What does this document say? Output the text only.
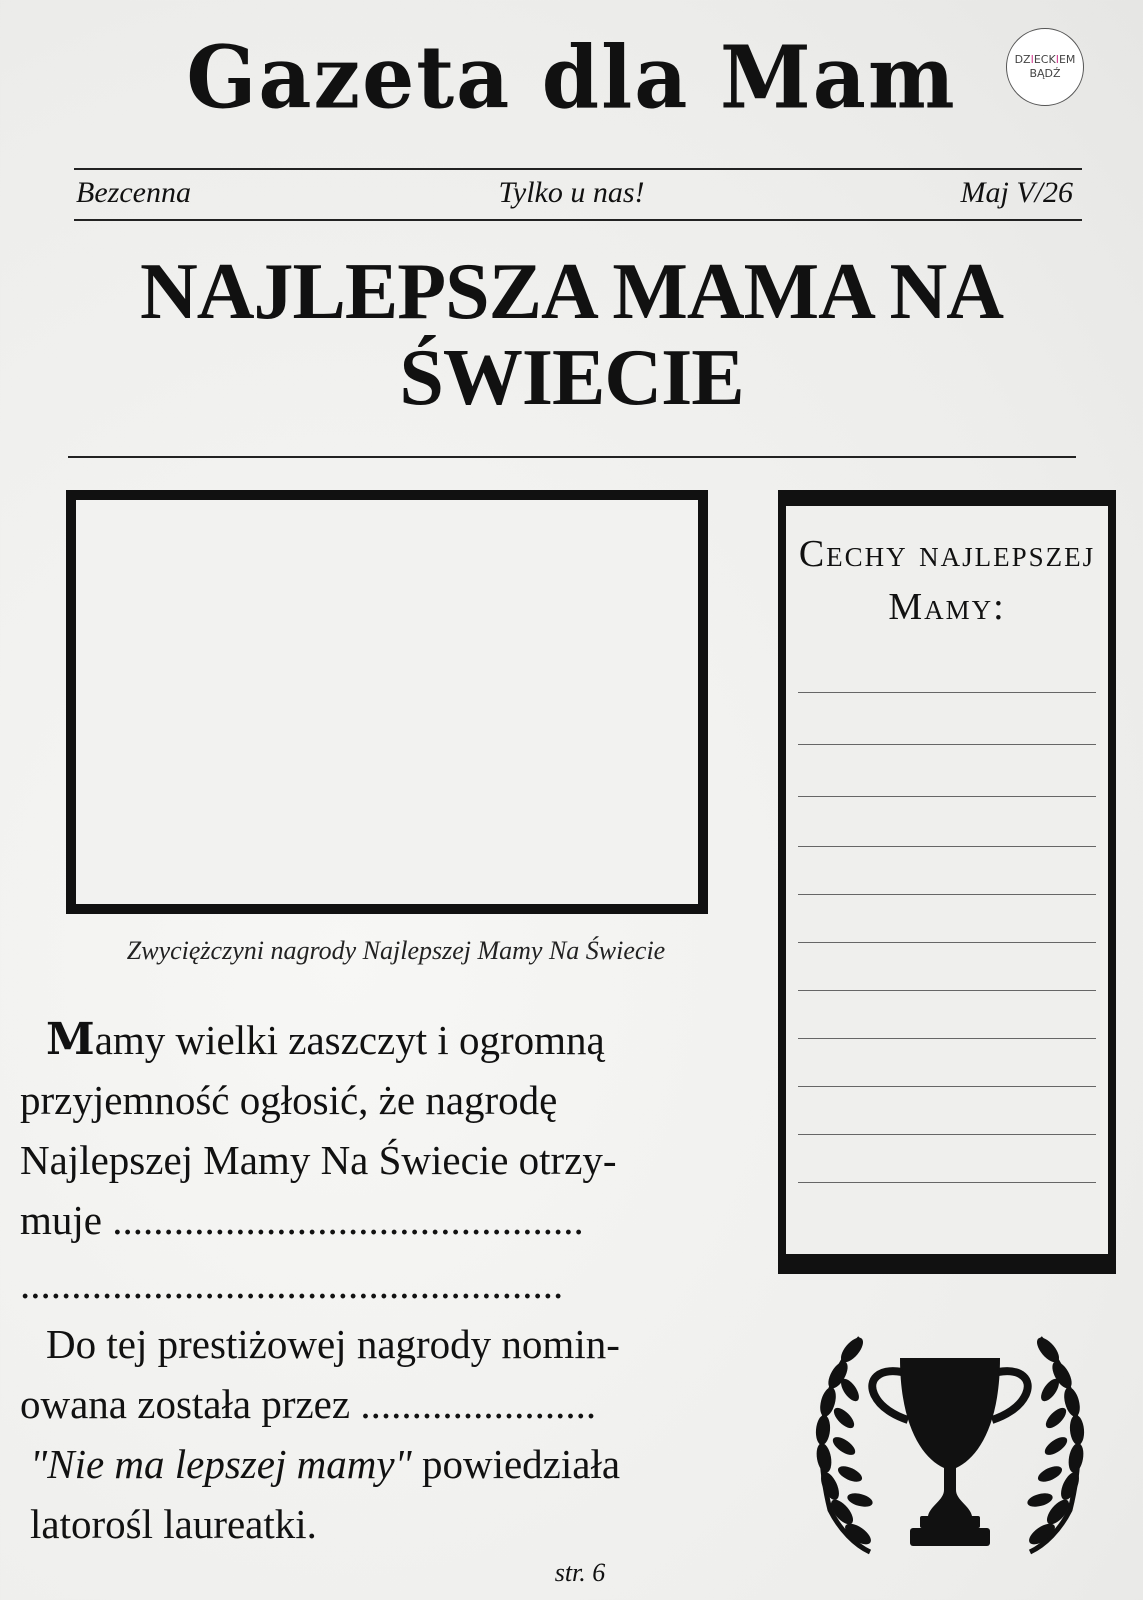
Gazeta dla Mam	DZIECKIEM
BĄDŹ
Bezcenna	Tylko u nas!	Maj V/26
NAJLEPSZA MAMA NA
ŚWIECIE
Zwyciężczyni nagrody Najlepszej Mamy Na Świecie
Cechy najlepszej
Mamy:
Mamy wielki zaszczyt i ogromną
przyjemność ogłosić, że nagrodę
Najlepszej Mamy Na Świecie otrzy-
muje ..............................................
.....................................................
Do tej prestiżowej nagrody nomin-
owana została przez .......................
"Nie ma lepszej mamy" powiedziała
latorośl laureatki.
str. 6
